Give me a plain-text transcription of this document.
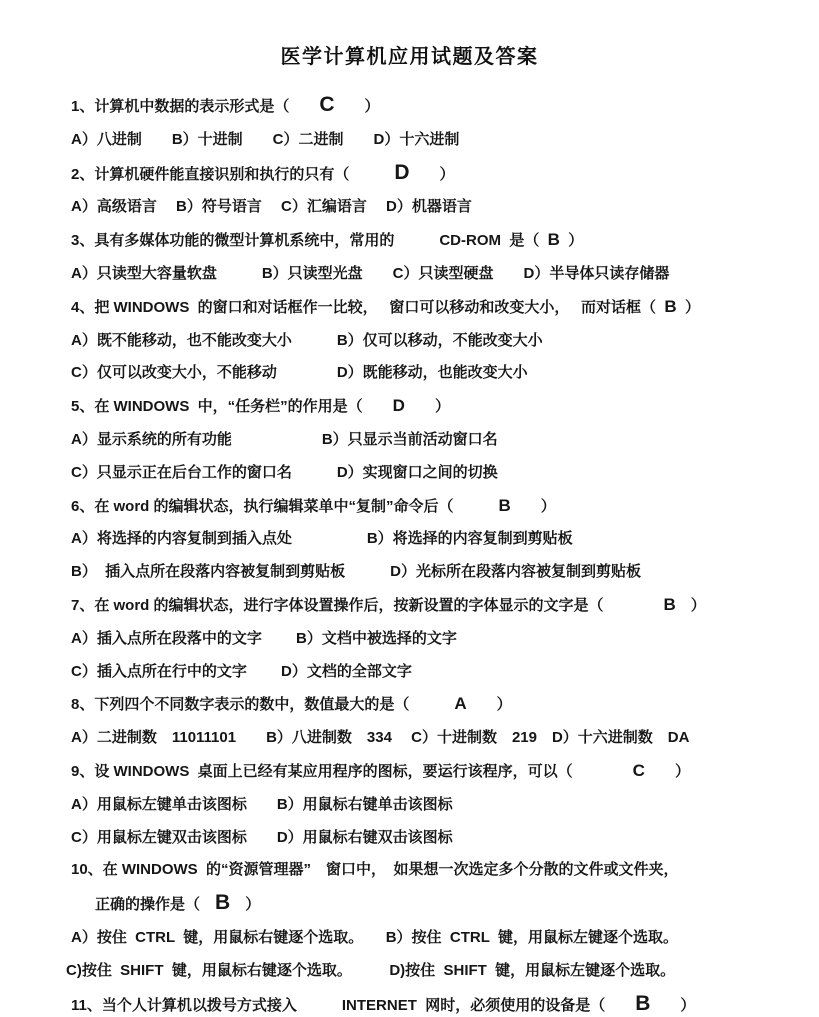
医学计算机应用试题及答案
1、计算机中数据的表示形式是（　　C　　）
A）八进制　　B）十进制　　C）二进制　　D）十六进制
2、计算机硬件能直接识别和执行的只有（　　　D　　）
A）高级语言　 B）符号语言　 C）汇编语言　 D）机器语言
3、具有多媒体功能的微型计算机系统中，常用的　　　CD-ROM  是（  B  ）
A）只读型大容量软盘　　　B）只读型光盘　　C）只读型硬盘　　D）半导体只读存储器
4、把 WINDOWS  的窗口和对话框作一比较，　 窗口可以移动和改变大小，　 而对话框（  B  ）
A）既不能移动，也不能改变大小　　　B）仅可以移动，不能改变大小
C）仅可以改变大小，不能移动　　　　D）既能移动，也能改变大小
5、在 WINDOWS  中，“任务栏”的作用是（　　D　　）
A）显示系统的所有功能　　　　　　B）只显示当前活动窗口名
C）只显示正在后台工作的窗口名　　　D）实现窗口之间的切换
6、在 word 的编辑状态，执行编辑菜单中“复制”命令后（　　　B　　）
A）将选择的内容复制到插入点处　　　　　B）将选择的内容复制到剪贴板
B）  插入点所在段落内容被复制到剪贴板　　　D）光标所在段落内容被复制到剪贴板
7、在 word 的编辑状态，进行字体设置操作后，按新设置的字体显示的文字是（　　　　B　）
A）插入点所在段落中的文字　　 B）文档中被选择的文字
C）插入点所在行中的文字　　 D）文档的全部文字
8、下列四个不同数字表示的数中，数值最大的是（　　　A　　）
A）二进制数　11011101　　B）八进制数　334　 C）十进制数　219　D）十六进制数　DA
9、设 WINDOWS  桌面上已经有某应用程序的图标，要运行该程序，可以（　　　　C　　）
A）用鼠标左键单击该图标　　B）用鼠标右键单击该图标
C）用鼠标左键双击该图标　　D）用鼠标右键双击该图标
10、在 WINDOWS  的“资源管理器”　窗口中，　如果想一次选定多个分散的文件或文件夹，
正确的操作是（　B　）
A）按住  CTRL  键，用鼠标右键逐个选取。　　B）按住  CTRL  键，用鼠标左键逐个选取。
C)按住  SHIFT  键，用鼠标右键逐个选取。　　　D)按住  SHIFT  键，用鼠标左键逐个选取。
11、当个人计算机以拨号方式接入　　　INTERNET  网时，必须使用的设备是（　　B　　）
